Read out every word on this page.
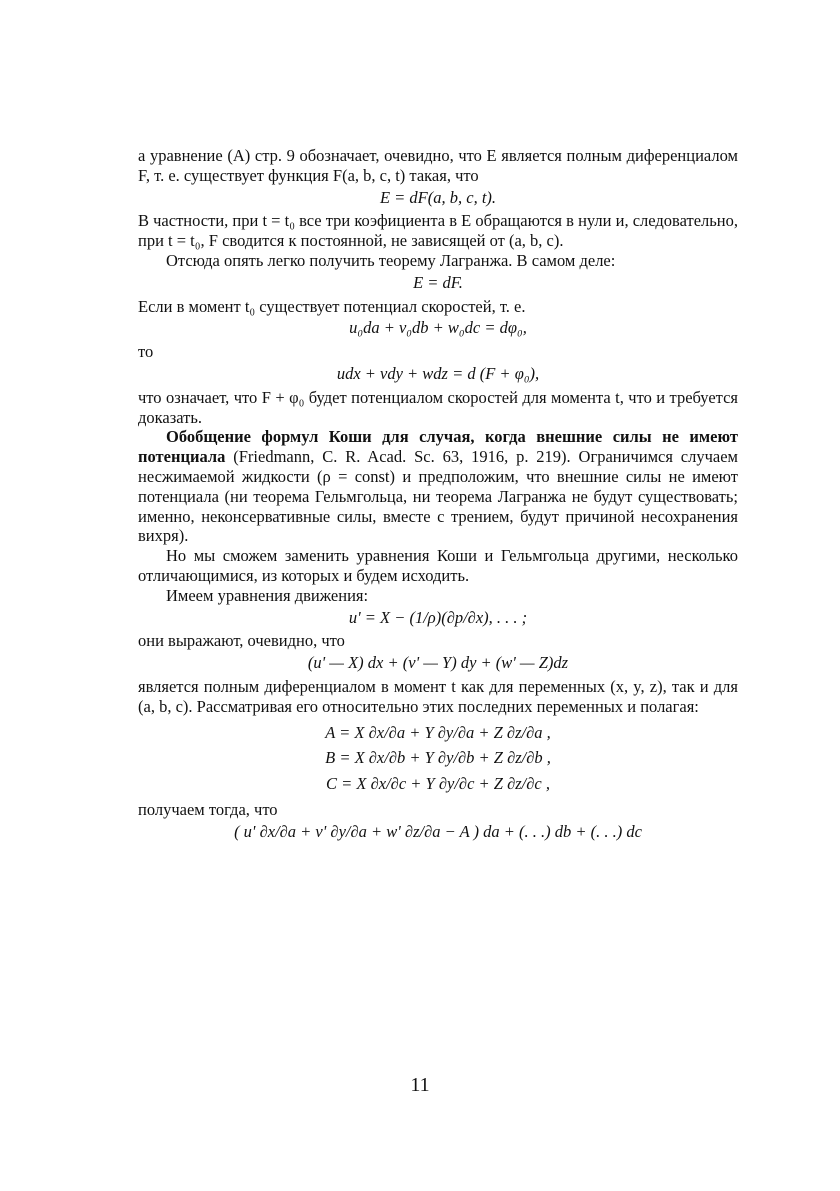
а уравнение (A) стр. 9 обозначает, очевидно, что E является полным диференциалом F, т. е. существует функция F(a, b, c, t) такая, что

E = dF(a, b, c, t).

В частности, при t = t₀ все три коэфициента в E обращаются в нули и, следовательно, при t = t₀, F сводится к постоянной, не зависящей от (a, b, c).

Отсюда опять легко получить теорему Лагранжа. В самом деле:

E = dF.

Если в момент t₀ существует потенциал скоростей, т. е.

u₀da + v₀db + w₀dc = dφ₀,

то

udx + vdy + wdz = d (F + φ₀),

что означает, что F + φ₀ будет потенциалом скоростей для момента t, что и требуется доказать.

Обобщение формул Коши для случая, когда внешние силы не имеют потенциала (Friedmann, C. R. Acad. Sc. 63, 1916, p. 219). Ограничимся случаем несжимаемой жидкости (ρ = const) и предположим, что внешние силы не имеют потенциала (ни теорема Гельмгольца, ни теорема Лагранжа не будут существовать; именно, неконсервативные силы, вместе с трением, будут причиной несохранения вихря).

Но мы сможем заменить уравнения Коши и Гельмгольца другими, несколько отличающимися, из которых и будем исходить.

Имеем уравнения движения:

u' = X − (1/ρ)(∂p/∂x), . . . ;

они выражают, очевидно, что

(u' — X) dx + (v' — Y) dy + (w' — Z)dz

является полным диференциалом в момент t как для переменных (x, y, z), так и для (a, b, c). Рассматривая его относительно этих последних переменных и полагая:

A = X ∂x/∂a + Y ∂y/∂a + Z ∂z/∂a ,
B = X ∂x/∂b + Y ∂y/∂b + Z ∂z/∂b ,
C = X ∂x/∂c + Y ∂y/∂c + Z ∂z/∂c ,

получаем тогда, что

( u' ∂x/∂a + v' ∂y/∂a + w' ∂z/∂a − A ) da + (. . .) db + (. . .) dc
11
